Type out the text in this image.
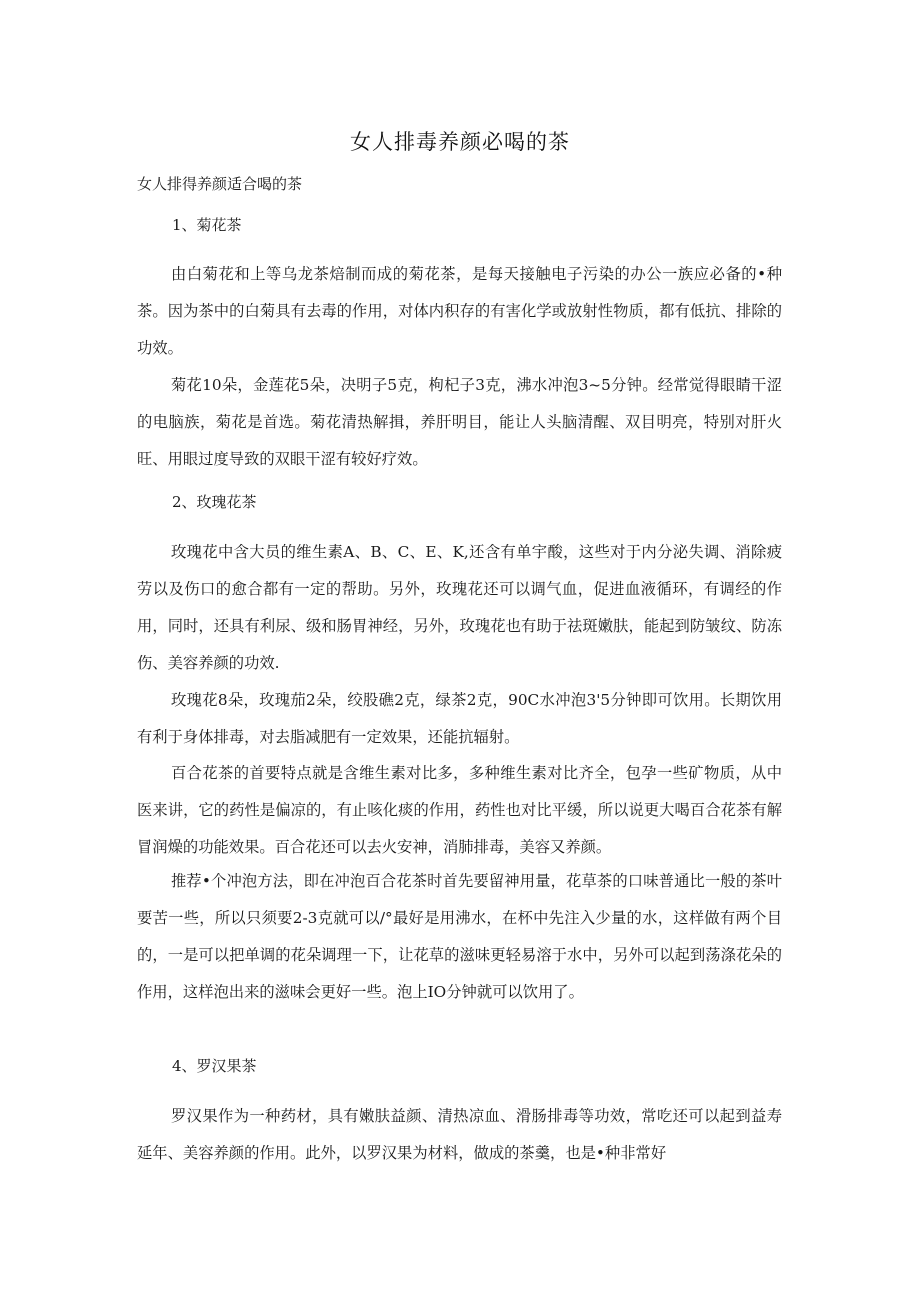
女人排毒养颜必喝的茶
女人排得养颜适合喝的茶
1、菊花茶

由白菊花和上等乌龙茶焙制而成的菊花茶，是每天接触电子污染的办公一族应必备的•种茶。因为茶中的白菊具有去毒的作用，对体内积存的有害化学或放射性物质，都有低抗、排除的功效。

菊花10朵，金莲花5朵，决明子5克，枸杞子3克，沸水冲泡3~5分钟。经常觉得眼睛干涩的电脑族，菊花是首选。菊花清热解揖，养肝明目，能让人头脑清醒、双目明亮，特别对肝火旺、用眼过度导致的双眼干涩有较好疗效。

2、玫瑰花茶

玫瑰花中含大员的维生素A、B、C、E、K,还含有单宇酸，这些对于内分泌失调、消除疲劳以及伤口的愈合都有一定的帮助。另外，玫瑰花还可以调气血，促进血液循环，有调经的作用，同时，还具有利尿、级和肠胃神经，另外，玫瑰花也有助于祛斑嫩肤，能起到防皱纹、防冻伤、美容养颜的功效.

玫瑰花8朵，玫瑰茄2朵，绞股礁2克，绿茶2克，90C水冲泡3'5分钟即可饮用。长期饮用有利于身体排毒，对去脂减肥有一定效果，还能抗辐射。

百合花茶的首要特点就是含维生素对比多，多种维生素对比齐全，包孕一些矿物质，从中医来讲，它的药性是偏凉的，有止咳化痰的作用，药性也对比平缓，所以说更大喝百合花茶有解冒润燥的功能效果。百合花还可以去火安神，消肺排毒，美容又养颜。

推荐•个冲泡方法，即在冲泡百合花茶时首先要留神用量，花草茶的口味普通比一般的茶叶要苦一些，所以只须要2-3克就可以/°最好是用沸水，在杯中先注入少量的水，这样做有两个目的，一是可以把单调的花朵调理一下，让花草的滋味更轻易溶于水中，另外可以起到荡涤花朵的作用，这样泡出来的滋味会更好一些。泡上IO分钟就可以饮用了。

4、罗汉果茶

罗汉果作为一种药材，具有嫩肤益颜、清热凉血、滑肠排毒等功效，常吃还可以起到益寿延年、美容养颜的作用。此外，以罗汉果为材料，做成的茶羹，也是•种非常好
